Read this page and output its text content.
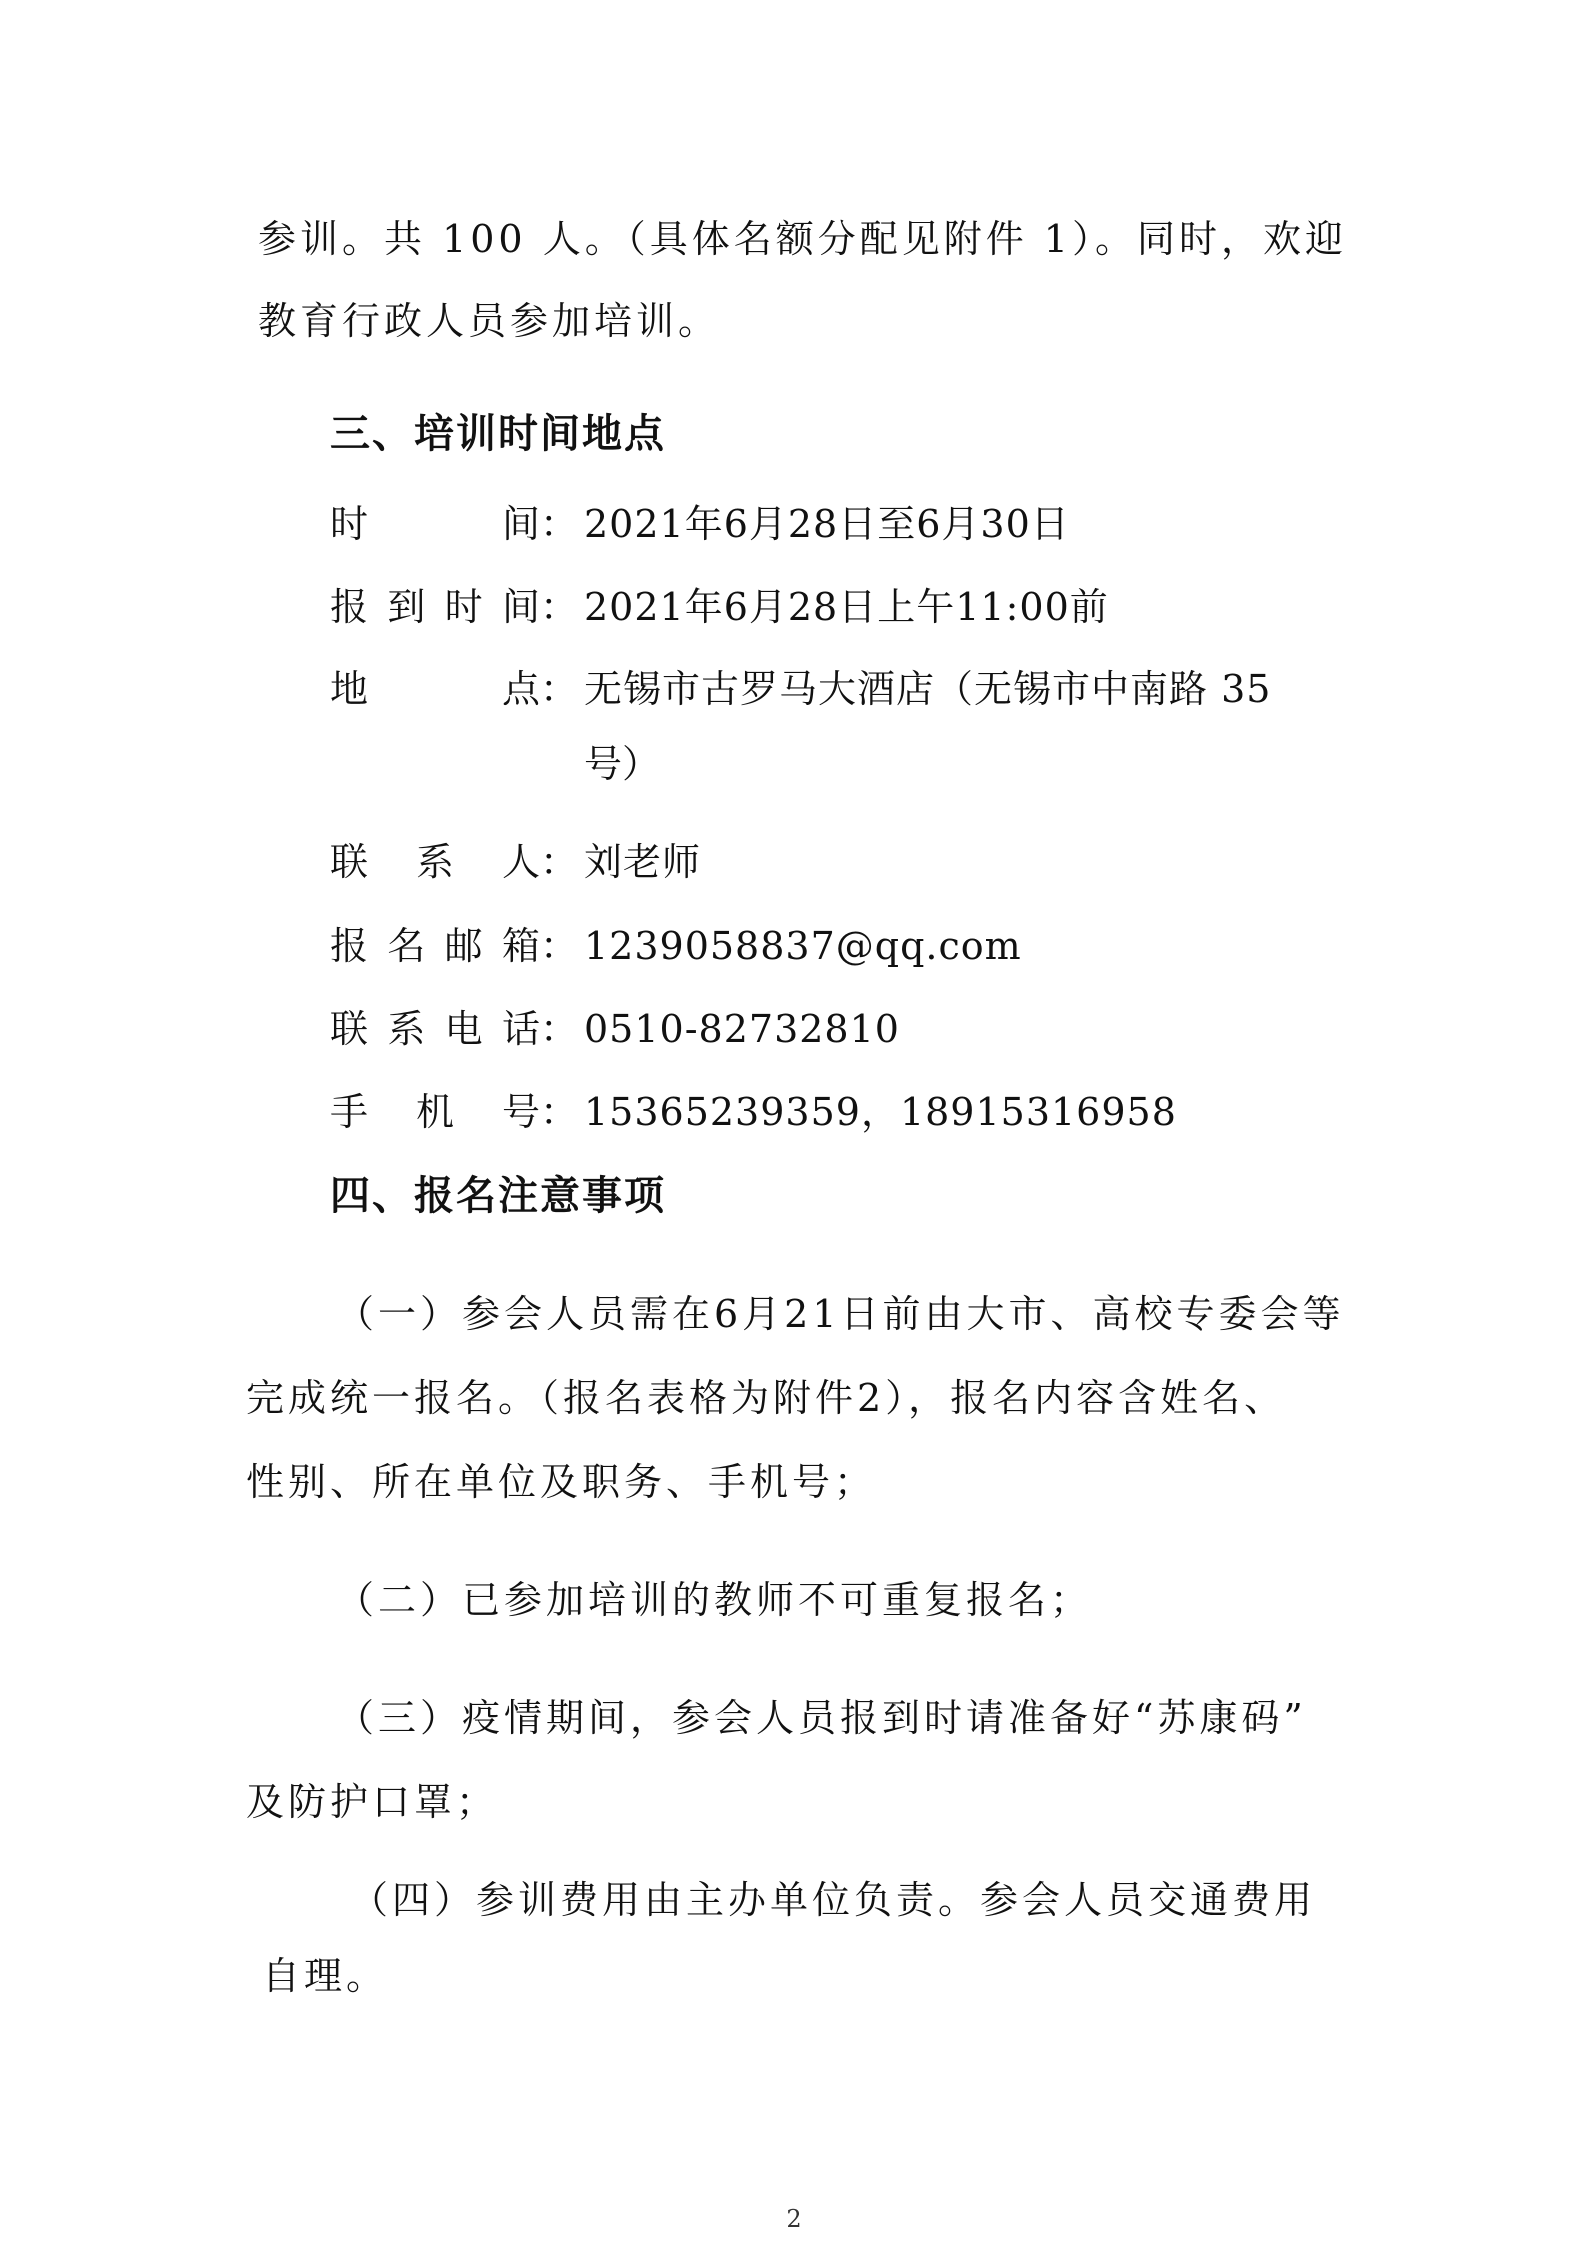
参训。共 100 人。（具体名额分配见附件 1）。同时，欢迎
教育行政人员参加培训。
三、培训时间地点
时	间 ： 2021年6月28日至6月30日
报 到 时 间 ： 2021年6月28日上午11:00前
地	点 ： 无锡市古罗马大酒店（无锡市中南路 35
号）
联 系 人 ： 刘老师
报 名 邮 箱 ： 1239058837@qq.com
联 系 电 话 ： 0510-82732810
手 机 号 ： 15365239359，18915316958
四、报名注意事项
（一）参会人员需在6月21日前由大市、高校专委会等
完成统一报名。（报名表格为附件2），报名内容含姓名、
性别、所在单位及职务、手机号；
（二）已参加培训的教师不可重复报名；
（三）疫情期间，参会人员报到时请准备好“苏康码”
及防护口罩；
（四）参训费用由主办单位负责。参会人员交通费用
自理。
2
